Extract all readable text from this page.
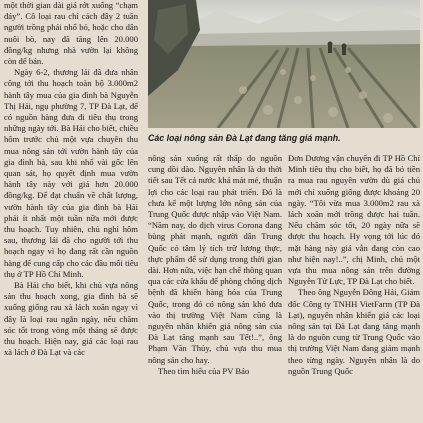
một thời gian dài giá rớt xuống “chạm đáy”. Cô loại rau chỉ cách đây 2 tuần người trồng phải nhổ bỏ, hoặc cho dân nuôi bò, nay đã tăng lên 20.000 đồng/kg nhưng nhà vườn lại không còn để bán.

Ngày 6-2, thương lái đã đưa nhân công tới thu hoạch toàn bộ 3.000m2 hành tây mua của gia đình bà Nguyễn Thị Hải, ngụ phường 7, TP Đà Lạt, để có nguồn hàng đưa đi tiêu thụ trong những ngày tới. Bà Hải cho biết, chiều hôm trước chủ một vựa chuyên thu mua nông sản tới vườn hành tây của gia đình bà, sau khi nhổ vài gốc lên quan sát, họ quyết định mua vườn hành tây này với giá hơn 20.000 đồng/kg. Để đạt chuẩn về chất lượng, vườn hành tây của gia đình bà Hải phải ít nhất một tuần nữa mới được thu hoạch. Tuy nhiên, chủ nghỉ hôm sau, thương lái đã cho người tới thu hoạch ngay vì họ đang rất cần nguồn hàng để cung cấp cho các đầu mối tiêu thụ ở TP Hồ Chí Minh.

Bà Hải cho biết, khi chủ vựa nông sản thu hoạch xong, gia đình bà sẽ xuống giống rau xà lách xoăn ngay vì đây là loại rau ngắn ngày, nếu chăm sóc tốt trong vòng một tháng sẽ được thu hoạch. Hiện nay, giá các loại rau xà lách ở Đà Lạt và các

Các loại nông sản Đà Lạt đang tăng giá mạnh.

nông sản xuống rất thấp do nguồn cung dồi dào. Nguyên nhân là do thời tiết sau Tết cả nước khá mát mẻ, thuận lợi cho các loại rau phát triển. Đó là chưa kể một lượng lớn nông sản của Trung Quốc được nhập vào Việt Nam. “Năm nay, do dịch virus Corona đang bùng phát mạnh, người dân Trung Quốc có tâm lý tích trữ lương thực, thực phẩm để sử dụng trong thời gian dài. Hơn nữa, việc hạn chế thông quan qua các cửa khẩu để phòng chống dịch bệnh đã khiến hàng hóa của Trung Quốc, trong đó có nông sản khó đưa vào thị trường Việt Nam cũng là nguyên nhân khiến giá nông sản của Đà Lạt tăng mạnh sau Tết!..”, ông Phạm Văn Thủy, chủ vựa thu mua nông sản cho hay.

Theo tìm hiểu của PV Báo

Đơn Dương vận chuyển đi TP Hồ Chí Minh tiêu thụ cho biết, họ đã bỏ tiền ra mua rau nguyên vườn dù giá chủ mới chỉ xuống giống được khoảng 20 ngày. “Tôi vừa mua 3.000m2 rau xà lách xoăn mới trồng được hai tuần. Nếu chăm sóc tốt, 20 ngày nữa sẽ được thu hoạch. Hy vọng tới lúc đó mặt hàng này giá vẫn đang còn cao như hiện nay!..”, chị Minh, chủ một vựa thu mua nông sản trên đường Nguyễn Tử Lực, TP Đà Lạt cho biết.

Theo ông Nguyễn Đông Hải, Giám đốc Công ty TNHH VietFarm (TP Đà Lạt), nguyên nhân khiến giá các loại nông sản tại Đà Lạt đang tăng mạnh là do nguồn cung từ Trung Quốc vào thị trường Việt Nam đang giảm mạnh theo từng ngày. Nguyên nhân là do nguồn Trung Quốc
